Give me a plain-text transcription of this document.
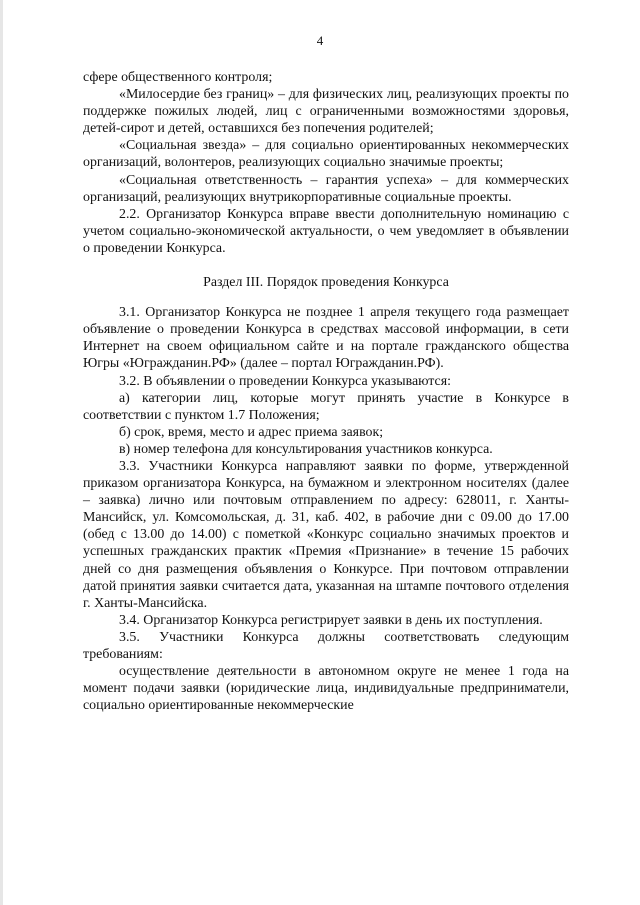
4

сфере общественного контроля;

«Милосердие без границ» – для физических лиц, реализующих проекты по поддержке пожилых людей, лиц с ограниченными возможностями здоровья, детей-сирот и детей, оставшихся без попечения родителей;

«Социальная звезда» – для социально ориентированных некоммерческих организаций, волонтеров, реализующих социально значимые проекты;

«Социальная ответственность – гарантия успеха» – для коммерческих организаций, реализующих внутрикорпоративные социальные проекты.

2.2. Организатор Конкурса вправе ввести дополнительную номинацию с учетом социально-экономической актуальности, о чем уведомляет в объявлении о проведении Конкурса.

Раздел III. Порядок проведения Конкурса

3.1. Организатор Конкурса не позднее 1 апреля текущего года размещает объявление о проведении Конкурса в средствах массовой информации, в сети Интернет на своем официальном сайте и на портале гражданского общества Югры «Югражданин.РФ» (далее – портал Югражданин.РФ).

3.2. В объявлении о проведении Конкурса указываются:

а) категории лиц, которые могут принять участие в Конкурсе в соответствии с пунктом 1.7 Положения;

б) срок, время, место и адрес приема заявок;

в) номер телефона для консультирования участников конкурса.

3.3. Участники Конкурса направляют заявки по форме, утвержденной приказом организатора Конкурса, на бумажном и электронном носителях (далее – заявка) лично или почтовым отправлением по адресу: 628011, г. Ханты-Мансийск, ул. Комсомольская, д. 31, каб. 402, в рабочие дни с 09.00 до 17.00 (обед с 13.00 до 14.00) с пометкой «Конкурс социально значимых проектов и успешных гражданских практик «Премия «Признание» в течение 15 рабочих дней со дня размещения объявления о Конкурсе. При почтовом отправлении датой принятия заявки считается дата, указанная на штампе почтового отделения г. Ханты-Мансийска.

3.4. Организатор Конкурса регистрирует заявки в день их поступления.

3.5. Участники Конкурса должны соответствовать следующим требованиям:

осуществление деятельности в автономном округе не менее 1 года на момент подачи заявки (юридические лица, индивидуальные предприниматели, социально ориентированные некоммерческие
